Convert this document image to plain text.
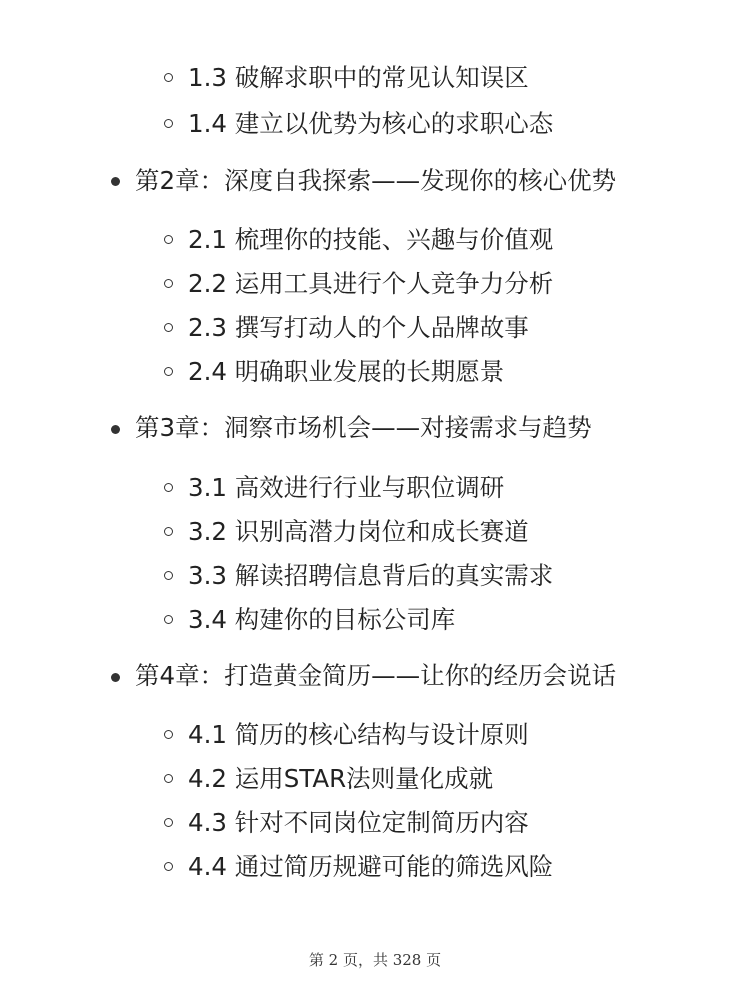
1.3 破解求职中的常见认知误区
1.4 建立以优势为核心的求职心态
第2章：深度自我探索——发现你的核心优势
2.1 梳理你的技能、兴趣与价值观
2.2 运用工具进行个人竞争力分析
2.3 撰写打动人的个人品牌故事
2.4 明确职业发展的长期愿景
第3章：洞察市场机会——对接需求与趋势
3.1 高效进行行业与职位调研
3.2 识别高潜力岗位和成长赛道
3.3 解读招聘信息背后的真实需求
3.4 构建你的目标公司库
第4章：打造黄金简历——让你的经历会说话
4.1 简历的核心结构与设计原则
4.2 运用STAR法则量化成就
4.3 针对不同岗位定制简历内容
4.4 通过简历规避可能的筛选风险
第 2 页，共 328 页
